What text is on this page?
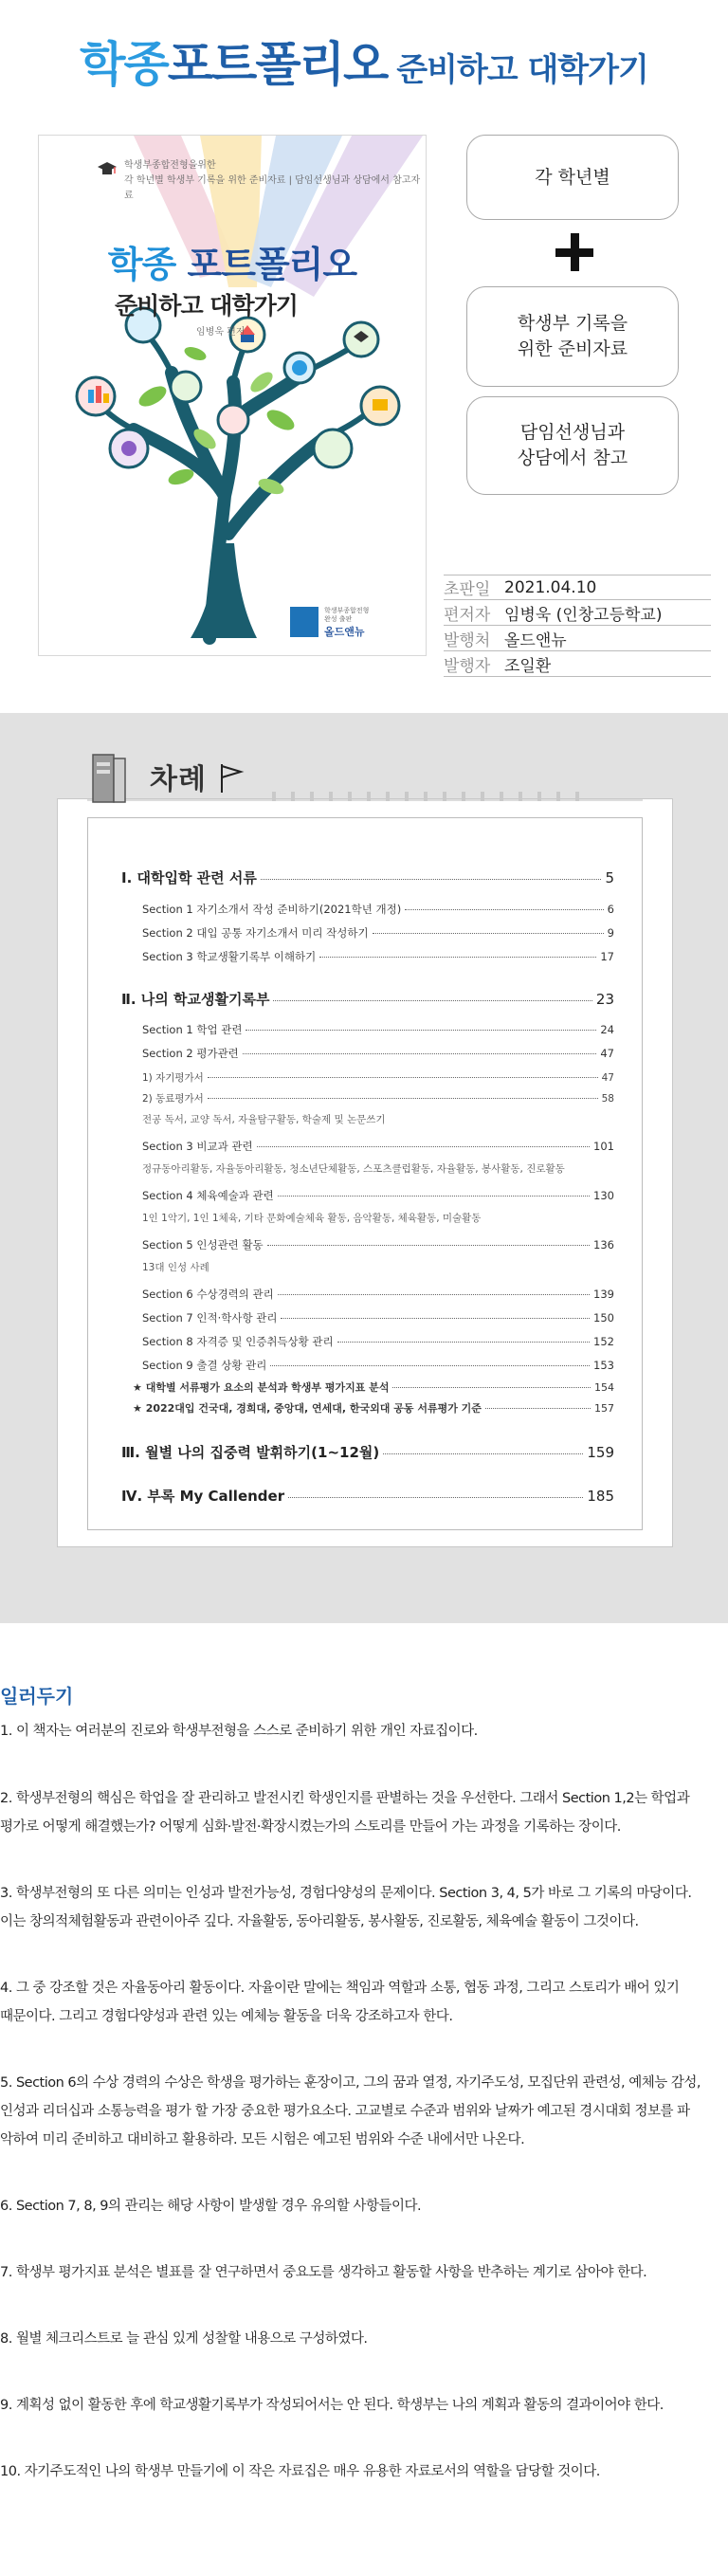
학종포트폴리오 준비하고 대학가기
학생부종합전형을위한
각 학년별 학생부 기록을 위한 준비자료 | 담임선생님과 상담에서 참고자료
학종 포트폴리오
준비하고 대학가기
임병욱 편저
학생부종합전형
완성 출판
올드앤뉴
각 학년별
학생부 기록을
위한 준비자료
담임선생님과
상담에서 참고
초판일 2021.04.10
편저자 임병욱 (인창고등학교)
발행처 올드앤뉴
발행자 조일환
차례
Ⅰ. 대학입학 관련 서류	5
Section 1 자기소개서 작성 준비하기(2021학년 개정)	6
Section 2 대입 공통 자기소개서 미리 작성하기	9
Section 3 학교생활기록부 이해하기	17
Ⅱ. 나의 학교생활기록부	23
Section 1 학업 관련	24
Section 2 평가관련	47
1) 자기평가서	47
2) 동료평가서	58
전공 독서, 교양 독서, 자율탐구활동, 학술제 및 논문쓰기
Section 3 비교과 관련	101
정규동아리활동, 자율동아리활동, 청소년단체활동, 스포츠클럽활동, 자율활동, 봉사활동, 진로활동
Section 4 체육예술과 관련	130
1인 1악기, 1인 1체육, 기타 문화예술체육 활동, 음악활동, 체육활동, 미술활동
Section 5 인성관련 활동	136
13대 인성 사례
Section 6 수상경력의 관리	139
Section 7 인적·학사항 관리	150
Section 8 자격증 및 인증취득상황 관리	152
Section 9 출결 상황 관리	153
★ 대학별 서류평가 요소의 분석과 학생부 평가지표 분석	154
★ 2022대입 건국대, 경희대, 중앙대, 연세대, 한국외대 공동 서류평가 기준	157
Ⅲ. 월별 나의 집중력 발휘하기(1~12월)	159
Ⅳ. 부록 My Callender	185
일러두기
1. 이 책자는 여러분의 진로와 학생부전형을 스스로 준비하기 위한 개인 자료집이다.
2. 학생부전형의 핵심은 학업을 잘 관리하고 발전시킨 학생인지를 판별하는 것을 우선한다. 그래서 Section 1,2는 학업과
평가로 어떻게 해결했는가? 어떻게 심화·발전·확장시켰는가의 스토리를 만들어 가는 과정을 기록하는 장이다.
3. 학생부전형의 또 다른 의미는 인성과 발전가능성, 경험다양성의 문제이다. Section 3, 4, 5가 바로 그 기록의 마당이다.
이는 창의적체험활동과 관련이아주 깊다. 자율활동, 동아리활동, 봉사활동, 진로활동, 체육예술 활동이 그것이다.
4. 그 중 강조할 것은 자율동아리 활동이다. 자율이란 말에는 책임과 역할과 소통, 협동 과정, 그리고 스토리가 배어 있기
때문이다. 그리고 경험다양성과 관련 있는 예체능 활동을 더욱 강조하고자 한다.
5. Section 6의 수상 경력의 수상은 학생을 평가하는 훈장이고, 그의 꿈과 열정, 자기주도성, 모집단위 관련성, 예체능 감성,
인성과 리더십과 소통능력을 평가 할 가장 중요한 평가요소다. 고교별로 수준과 범위와 날짜가 예고된 경시대회 정보를 파
악하여 미리 준비하고 대비하고 활용하라. 모든 시험은 예고된 범위와 수준 내에서만 나온다.
6. Section 7, 8, 9의 관리는 해당 사항이 발생할 경우 유의할 사항들이다.
7. 학생부 평가지표 분석은 별표를 잘 연구하면서 중요도를 생각하고 활동할 사항을 반추하는 계기로 삼아야 한다.
8. 월별 체크리스트로 늘 관심 있게 성찰할 내용으로 구성하였다.
9. 계획성 없이 활동한 후에 학교생활기록부가 작성되어서는 안 된다. 학생부는 나의 계획과 활동의 결과이어야 한다.
10. 자기주도적인 나의 학생부 만들기에 이 작은 자료집은 매우 유용한 자료로서의 역할을 담당할 것이다.
